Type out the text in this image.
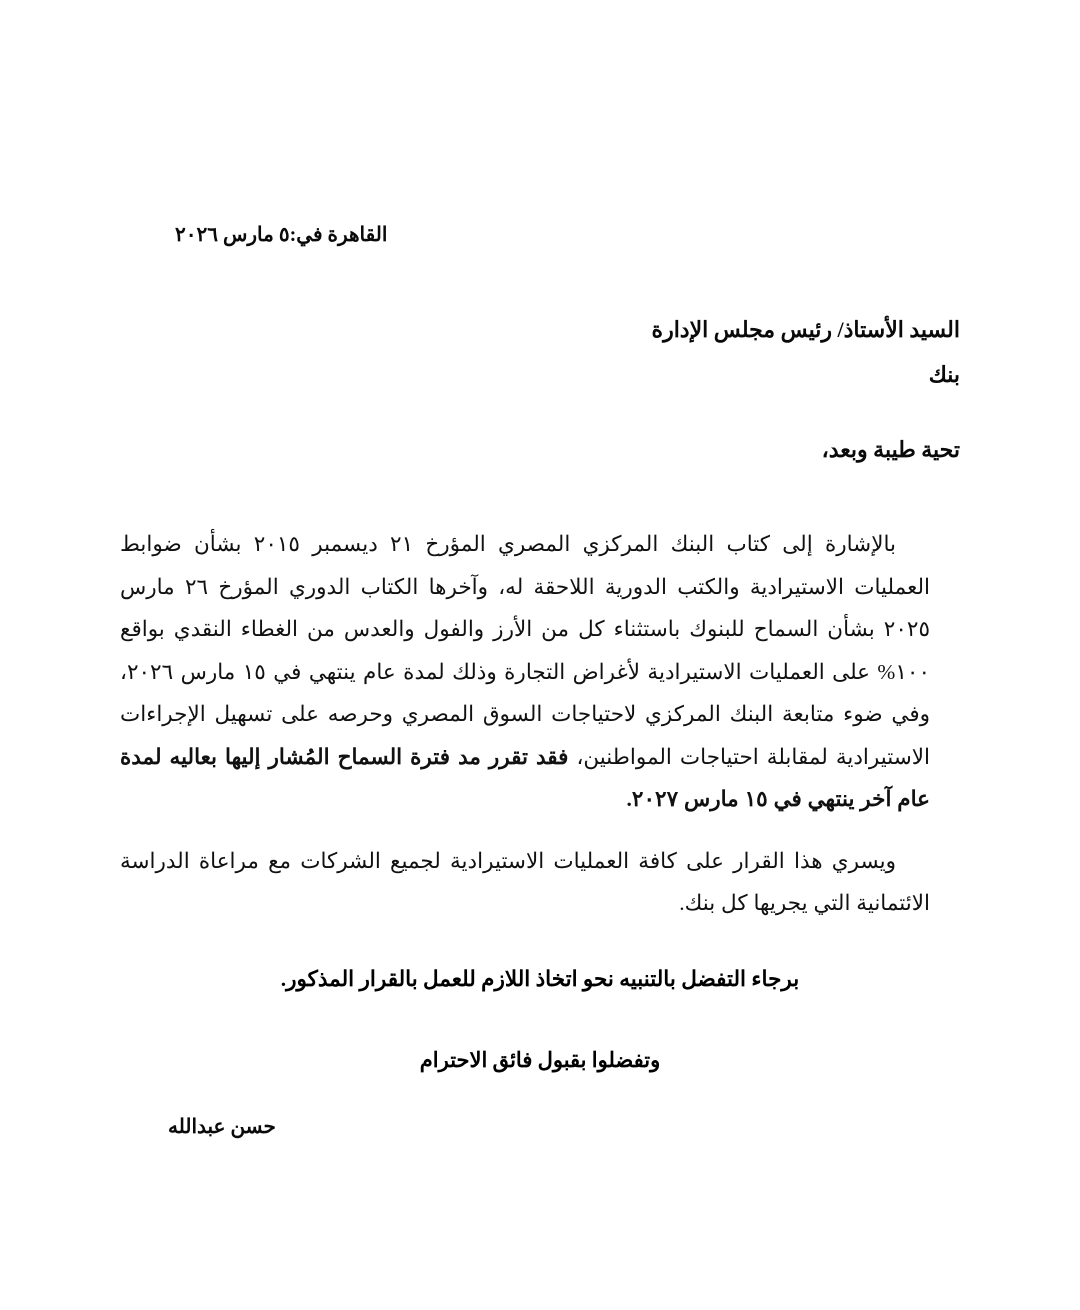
القاهرة في:٥ مارس ٢٠٢٦
السيد الأستاذ/ رئيس مجلس الإدارة
بنك
تحية طيبة وبعد،
بالإشارة إلى كتاب البنك المركزي المصري المؤرخ ٢١ ديسمبر ٢٠١٥ بشأن ضوابط العمليات الاستيرادية والكتب الدورية اللاحقة له، وآخرها الكتاب الدوري المؤرخ ٢٦ مارس ٢٠٢٥ بشأن السماح للبنوك باستثناء كل من الأرز والفول والعدس من الغطاء النقدي بواقع ١٠٠% على العمليات الاستيرادية لأغراض التجارة وذلك لمدة عام ينتهي في ١٥ مارس ٢٠٢٦، وفي ضوء متابعة البنك المركزي لاحتياجات السوق المصري وحرصه على تسهيل الإجراءات الاستيرادية لمقابلة احتياجات المواطنين، فقد تقرر مد فترة السماح المُشار إليها بعاليه لمدة عام آخر ينتهي في ١٥ مارس ٢٠٢٧.
ويسري هذا القرار على كافة العمليات الاستيرادية لجميع الشركات مع مراعاة الدراسة الائتمانية التي يجريها كل بنك.
برجاء التفضل بالتنبيه نحو اتخاذ اللازم للعمل بالقرار المذكور.
وتفضلوا بقبول فائق الاحترام
حسن عبدالله
